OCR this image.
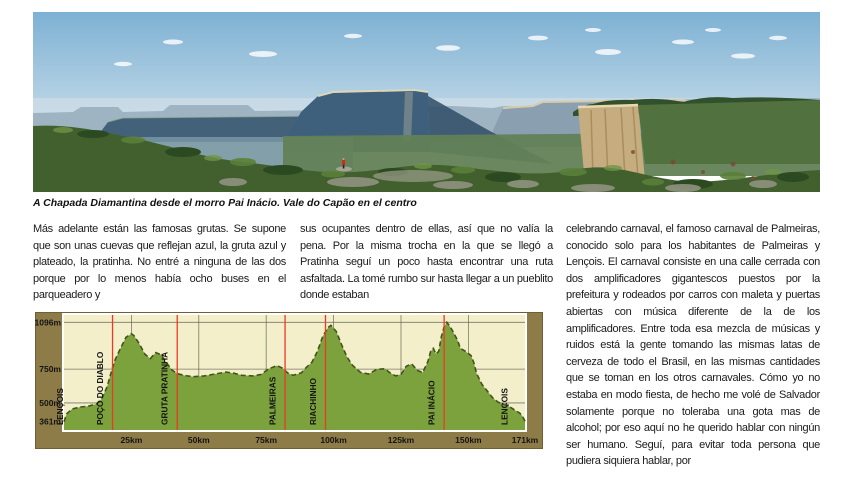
A Chapada Diamantina desde el morro Pai Inácio. Vale do Capão en el centro
Más adelante están las famosas grutas. Se supone que son unas cuevas que reflejan azul, la gruta azul y plateado, la pratinha. No entré a ninguna de las dos porque por lo menos había ocho buses en el parqueadero y
sus ocupantes dentro de ellas, así que no valía la pena. Por la misma trocha en la que se llegó a Pratinha seguí un poco hasta encontrar una ruta asfaltada. La tomé rumbo sur hasta llegar a un pueblito donde estaban
celebrando carnaval, el famoso carnaval de Palmeiras, conocido solo para los habitantes de Palmeiras y Lençois. El carnaval consiste en una calle cerrada con dos amplificadores gigantescos puestos por la prefeitura y rodeados por carros con maleta y puertas abiertas con música diferente de la de los amplificadores. Entre toda esa mezcla de músicas y ruidos está la gente tomando las mismas latas de cerveza de todo el Brasil, en las mismas cantidades que se toman en los otros carnavales. Cómo yo no estaba en modo fiesta, de hecho me volé de Salvador solamente porque no toleraba una gota mas de alcohol; por eso aquí no he querido hablar con ningún ser humano. Seguí, para evitar toda persona que pudiera siquiera hablar, por
LENÇOIS	POÇO DO DIABLO	GRUTA PRATINHA	PALMEIRAS	RIACHINHO	PAI INÁCIO	LENÇOIS
1096m
750m
500m
361m
25km	50km	75km	100km	125km	150km	171km
